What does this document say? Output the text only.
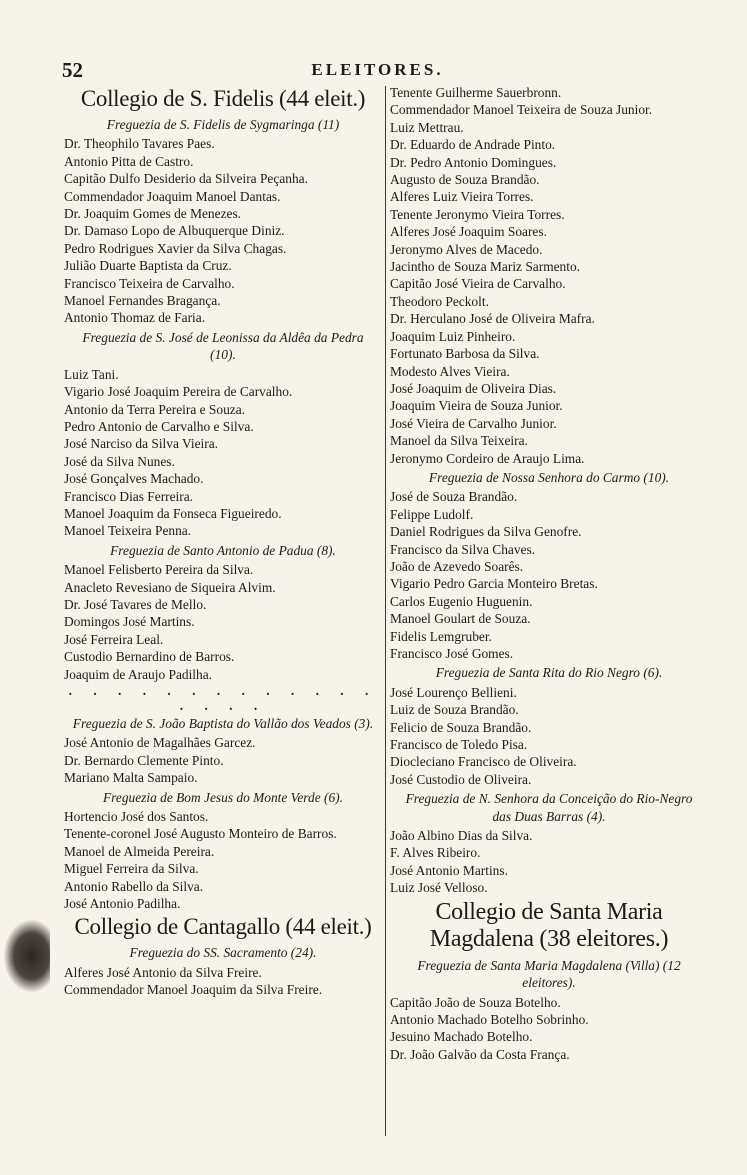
52	ELEITORES.

Collegio de S. Fidelis (44 eleit.)

Freguezia de S. Fidelis de Sygmaringa (11)

Dr. Theophilo Tavares Paes.

Antonio Pitta de Castro.

Capitão Dulfo Desiderio da Silveira Peçanha.

Commendador Joaquim Manoel Dantas.

Dr. Joaquim Gomes de Menezes.

Dr. Damaso Lopo de Albuquerque Diniz.

Pedro Rodrigues Xavier da Silva Chagas.

Julião Duarte Baptista da Cruz.

Francisco Teixeira de Carvalho.

Manoel Fernandes Bragança.

Antonio Thomaz de Faria.

Freguezia de S. José de Leonissa da Aldêa da Pedra (10).

Luiz Tani.

Vigario José Joaquim Pereira de Carvalho.

Antonio da Terra Pereira e Souza.

Pedro Antonio de Carvalho e Silva.

José Narciso da Silva Vieira.

José da Silva Nunes.

José Gonçalves Machado.

Francisco Dias Ferreira.

Manoel Joaquim da Fonseca Figueiredo.

Manoel Teixeira Penna.

Freguezia de Santo Antonio de Padua (8).

Manoel Felisberto Pereira da Silva.

Anacleto Revesiano de Siqueira Alvim.

Dr. José Tavares de Mello.

Domingos José Martins.

José Ferreira Leal.

Custodio Bernardino de Barros.

Joaquim de Araujo Padilha.

. . . . . . . . . . . . . . . . .

Freguezia de S. João Baptista do Vallão dos Veados (3).

José Antonio de Magalhães Garcez.

Dr. Bernardo Clemente Pinto.

Mariano Malta Sampaio.

Freguezia de Bom Jesus do Monte Verde (6).

Hortencio José dos Santos.

Tenente-coronel José Augusto Monteiro de Barros.

Manoel de Almeida Pereira.

Miguel Ferreira da Silva.

Antonio Rabello da Silva.

José Antonio Padilha.

Collegio de Cantagallo (44 eleit.)

Freguezia do SS. Sacramento (24).

Alferes José Antonio da Silva Freire.

Commendador Manoel Joaquim da Silva Freire.

Tenente Guilherme Sauerbronn.

Commendador Manoel Teixeira de Souza Junior.

Luiz Mettrau.

Dr. Eduardo de Andrade Pinto.

Dr. Pedro Antonio Domingues.

Augusto de Souza Brandão.

Alferes Luiz Vieira Torres.

Tenente Jeronymo Vieira Torres.

Alferes José Joaquim Soares.

Jeronymo Alves de Macedo.

Jacintho de Souza Mariz Sarmento.

Capitão José Vieira de Carvalho.

Theodoro Peckolt.

Dr. Herculano José de Oliveira Mafra.

Joaquim Luiz Pinheiro.

Fortunato Barbosa da Silva.

Modesto Alves Vieira.

José Joaquim de Oliveira Dias.

Joaquim Vieira de Souza Junior.

José Vieira de Carvalho Junior.

Manoel da Silva Teixeira.

Jeronymo Cordeiro de Araujo Lima.

Freguezia de Nossa Senhora do Carmo (10).

José de Souza Brandão.

Felippe Ludolf.

Daniel Rodrigues da Silva Genofre.

Francisco da Silva Chaves.

João de Azevedo Soarês.

Vigario Pedro Garcia Monteiro Bretas.

Carlos Eugenio Huguenin.

Manoel Goulart de Souza.

Fidelis Lemgruber.

Francisco José Gomes.

Freguezia de Santa Rita do Rio Negro (6).

José Lourenço Bellieni.

Luiz de Souza Brandão.

Felicio de Souza Brandão.

Francisco de Toledo Pisa.

Diocleciano Francisco de Oliveira.

José Custodio de Oliveira.

Freguezia de N. Senhora da Conceição do Rio-Negro das Duas Barras (4).

João Albino Dias da Silva.

F. Alves Ribeiro.

José Antonio Martins.

Luiz José Velloso.

Collegio de Santa Maria Magdalena (38 eleitores.)

Freguezia de Santa Maria Magdalena (Villa) (12 eleitores).

Capitão João de Souza Botelho.

Antonio Machado Botelho Sobrinho.

Jesuino Machado Botelho.

Dr. João Galvão da Costa França.
